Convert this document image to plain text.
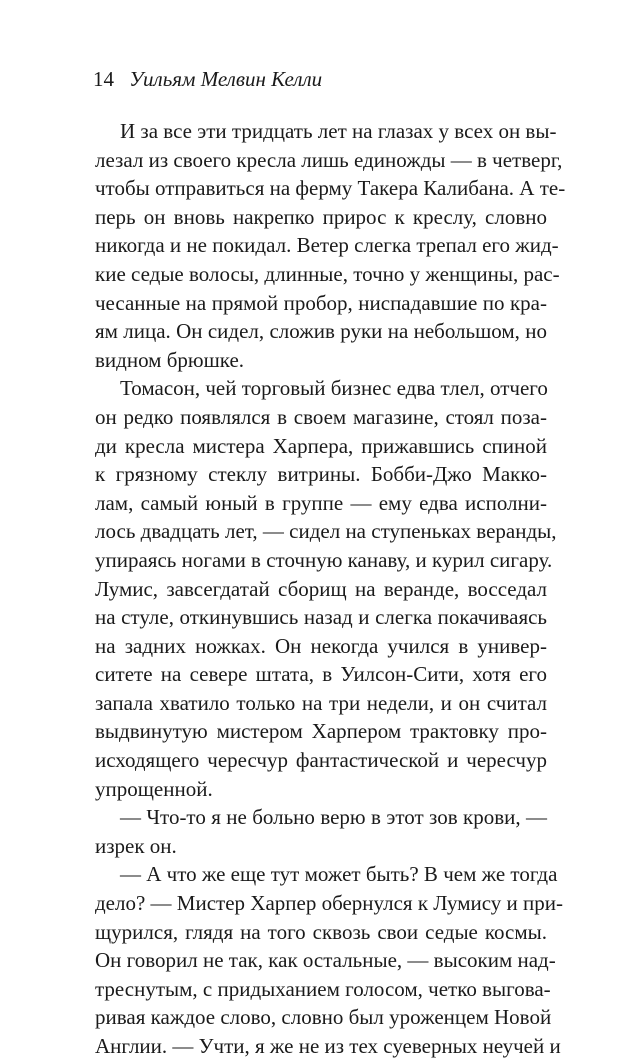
14 Уильям Мелвин Келли
И за все эти тридцать лет на глазах у всех он вы-
лезал из своего кресла лишь единожды — в четверг,
чтобы отправиться на ферму Такера Калибана. А те-
перь он вновь накрепко прирос к креслу, словно
никогда и не покидал. Ветер слегка трепал его жид-
кие седые волосы, длинные, точно у женщины, рас-
чесанные на прямой пробор, ниспадавшие по кра-
ям лица. Он сидел, сложив руки на небольшом, но
видном брюшке.
Томасон, чей торговый бизнес едва тлел, отчего
он редко появлялся в своем магазине, стоял поза-
ди кресла мистера Харпера, прижавшись спиной
к грязному стеклу витрины. Бобби-Джо Макко-
лам, самый юный в группе — ему едва исполни-
лось двадцать лет, — сидел на ступеньках веранды,
упираясь ногами в сточную канаву, и курил сигару.
Лумис, завсегдатай сборищ на веранде, восседал
на стуле, откинувшись назад и слегка покачиваясь
на задних ножках. Он некогда учился в универ-
ситете на севере штата, в Уилсон-Сити, хотя его
запала хватило только на три недели, и он считал
выдвинутую мистером Харпером трактовку про-
исходящего чересчур фантастической и чересчур
упрощенной.
— Что-то я не больно верю в этот зов крови, —
изрек он.
— А что же еще тут может быть? В чем же тогда
дело? — Мистер Харпер обернулся к Лумису и при-
щурился, глядя на того сквозь свои седые космы.
Он говорил не так, как остальные, — высоким над-
треснутым, с придыханием голосом, четко выгова-
ривая каждое слово, словно был уроженцем Новой
Англии. — Учти, я же не из тех суеверных неучей и
